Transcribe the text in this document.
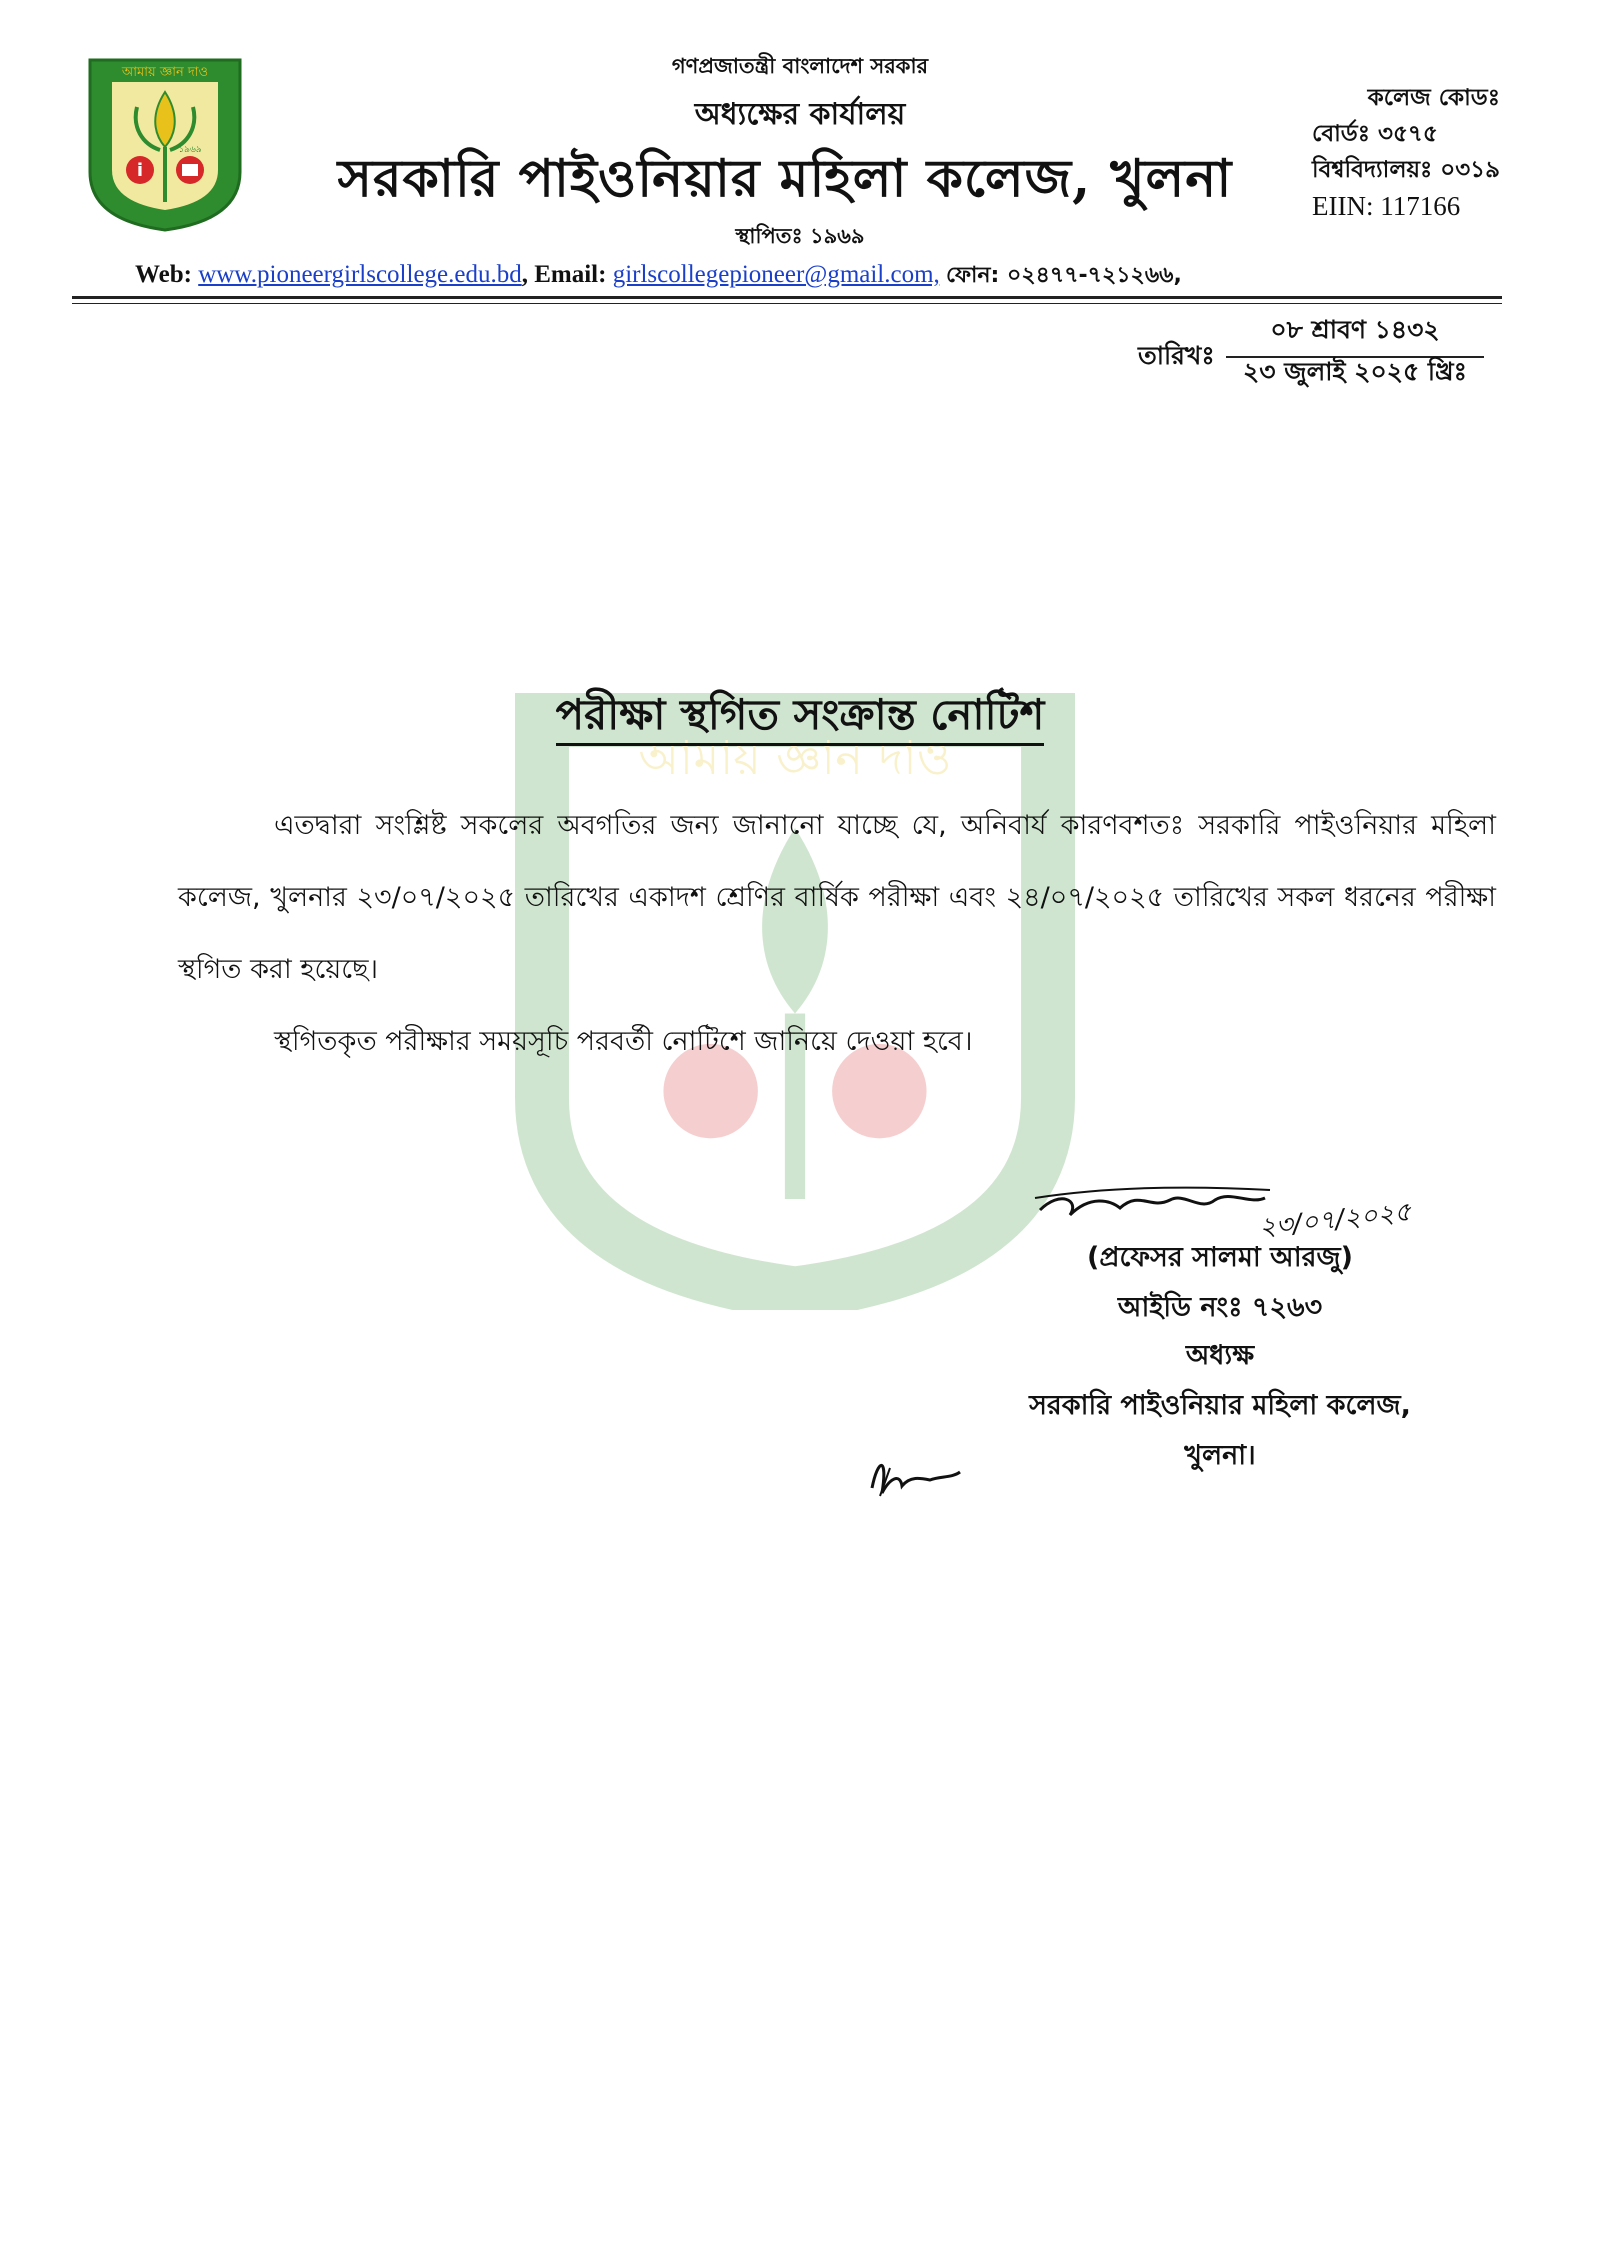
আমায় জ্ঞান দাও
i
১৯৬৯
আমায় জ্ঞান দাও
গণপ্রজাতন্ত্রী বাংলাদেশ সরকার
অধ্যক্ষের কার্যালয়
সরকারি পাইওনিয়ার মহিলা কলেজ, খুলনা
স্থাপিতঃ ১৯৬৯
কলেজ কোডঃ
বোর্ডঃ ৩৫৭৫
বিশ্ববিদ্যালয়ঃ ০৩১৯
EIIN: 117166
Web: www.pioneergirlscollege.edu.bd, Email: girlscollegepioneer@gmail.com, ফোন: ০২৪৭৭-৭২১২৬৬,
তারিখঃ
০৮ শ্রাবণ ১৪৩২
২৩ জুলাই ২০২৫ খ্রিঃ
পরীক্ষা স্থগিত সংক্রান্ত নোটিশ

এতদ্বারা সংশ্লিষ্ট সকলের অবগতির জন্য জানানো যাচ্ছে যে, অনিবার্য কারণবশতঃ সরকারি পাইওনিয়ার মহিলা কলেজ, খুলনার ২৩/০৭/২০২৫ তারিখের একাদশ শ্রেণির বার্ষিক পরীক্ষা এবং ২৪/০৭/২০২৫ তারিখের সকল ধরনের পরীক্ষা স্থগিত করা হয়েছে।

স্থগিতকৃত পরীক্ষার সময়সূচি পরবর্তী নোটিশে জানিয়ে দেওয়া হবে।

২৩/০৭/২০২৫
(প্রফেসর সালমা আরজু)
আইডি নংঃ ৭২৬৩
অধ্যক্ষ
সরকারি পাইওনিয়ার মহিলা কলেজ,
খুলনা।
